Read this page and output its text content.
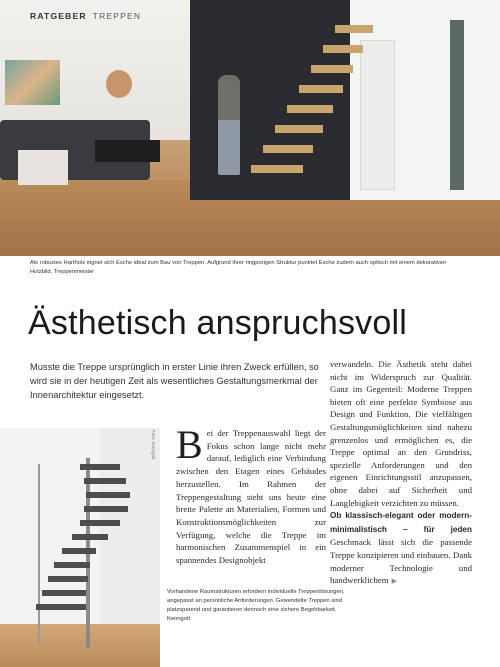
RATGEBER TREPPEN
Als robustes Hartholz eignet sich Esche ideal zum Bau von Treppen. Aufgrund ihrer ringporigen Struktur punktet Esche zudem auch optisch mit einem dekorativen Holzbild. Treppenmeister
Ästhetisch anspruchsvoll
Musste die Treppe ursprünglich in erster Linie ihren Zweck erfüllen, so wird sie in der heutigen Zeit als wesentliches Gestaltungsmerkmal der Innenarchitektur eingesetzt.
Foto: Kenngott Bei der Treppenauswahl liegt der Fokus schon lange nicht mehr darauf, lediglich eine Verbindung zwischen den Etagen eines Gebäudes herzustellen. Im Rahmen der Treppengestaltung steht uns heute eine breite Palette an Materialien, Formen und Konstruktionsmöglichkeiten zur Verfügung, welche die Treppe im harmonischen Zusammenspiel in ein spannendes Designobjekt

verwandeln. Die Ästhetik steht dabei nicht im Widerspruch zur Qualität. Ganz im Gegenteil: Moderne Treppen bieten oft eine perfekte Symbiose aus Design und Funktion. Die vielfältigen Gestaltungsmöglichkeiten sind nahezu grenzenlos und ermöglichen es, die Treppe optimal an den Grundriss, spezielle Anforderungen und den eigenen Einrichtungsstil anzupassen, ohne dabei auf Sicherheit und Langlebigkeit verzichten zu müssen.

Ob klassisch-elegant oder modern-minimalistisch – für jeden Geschmack lässt sich die passende Treppe konzipieren und einbauen. Dank moderner Technologie und handwerklichem ▶

Vorhandene Raumstrukturen erfordern individuelle Treppenlösungen, angepasst an persönliche Anforderungen. Gewendelte Treppen sind platzsparend und garantieren dennoch eine sichere Begehbarkeit. Kenngott
